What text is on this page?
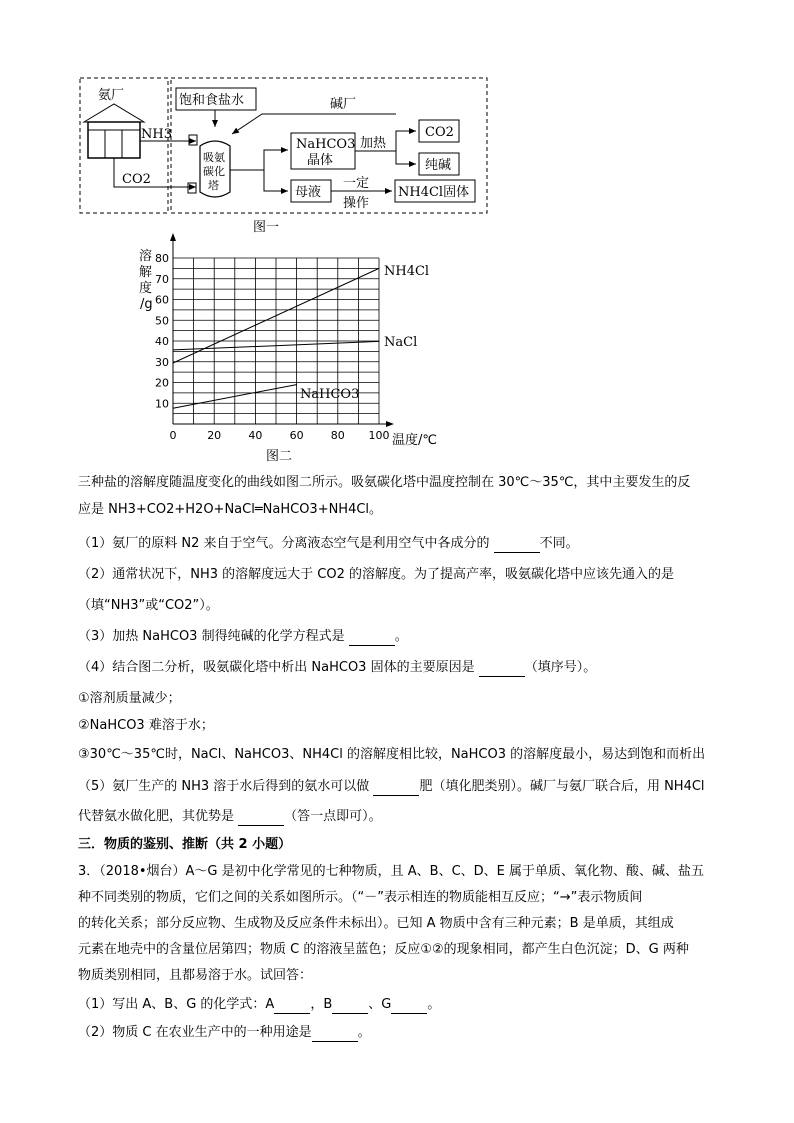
氨厂
NH3
CO2
饱和食盐水	碱厂
吸 氨
碳 化
塔
NaHCO3
晶体
加热
CO2
纯碱
母液
一定
操作
NH4Cl固体
图一
0	20 40 60 80 100
10
20
30
40
50
60
70
80
溶
解
度
/g
温度/℃
图二
NH4Cl
NaCl
NaHCO3
三种盐的溶解度随温度变化的曲线如图二所示。吸氨碳化塔中温度控制在 30℃～35℃，其中主要发生的反
应是 NH3+CO2+H2O+NaCl═NaHCO3+NH4Cl。
（1）氨厂的原料 N2 来自于空气。分离液态空气是利用空气中各成分的	不同。
（2）通常状况下，NH3 的溶解度远大于 CO2 的溶解度。为了提高产率，吸氨碳化塔中应该先通入的是
（填“NH3”或“CO2”）。
（3）加热 NaHCO3 制得纯碱的化学方程式是	。
（4）结合图二分析，吸氨碳化塔中析出 NaHCO3 固体的主要原因是	（填序号）。
①溶剂质量减少；
②NaHCO3 难溶于水；
③30℃～35℃时，NaCl、NaHCO3、NH4Cl 的溶解度相比较，NaHCO3 的溶解度最小，易达到饱和而析出
（5）氨厂生产的 NH3 溶于水后得到的氨水可以做	肥（填化肥类别）。碱厂与氨厂联合后，用 NH4Cl
代替氨水做化肥，其优势是	（答一点即可）。
三．物质的鉴别、推断（共 2 小题）
3．（2018•烟台）A～G 是初中化学常见的七种物质，且 A、B、C、D、E 属于单质、氧化物、酸、碱、盐五
种不同类别的物质，它们之间的关系如图所示。（“－”表示相连的物质能相互反应；“→”表示物质间
的转化关系；部分反应物、生成物及反应条件未标出）。已知 A 物质中含有三种元素；B 是单质，其组成
元素在地壳中的含量位居第四；物质 C 的溶液呈蓝色；反应①②的现象相同，都产生白色沉淀；D、G 两种
物质类别相同，且都易溶于水。试回答：
（1）写出 A、B、G 的化学式：A	，B	、G	。
（2）物质 C 在农业生产中的一种用途是	。
